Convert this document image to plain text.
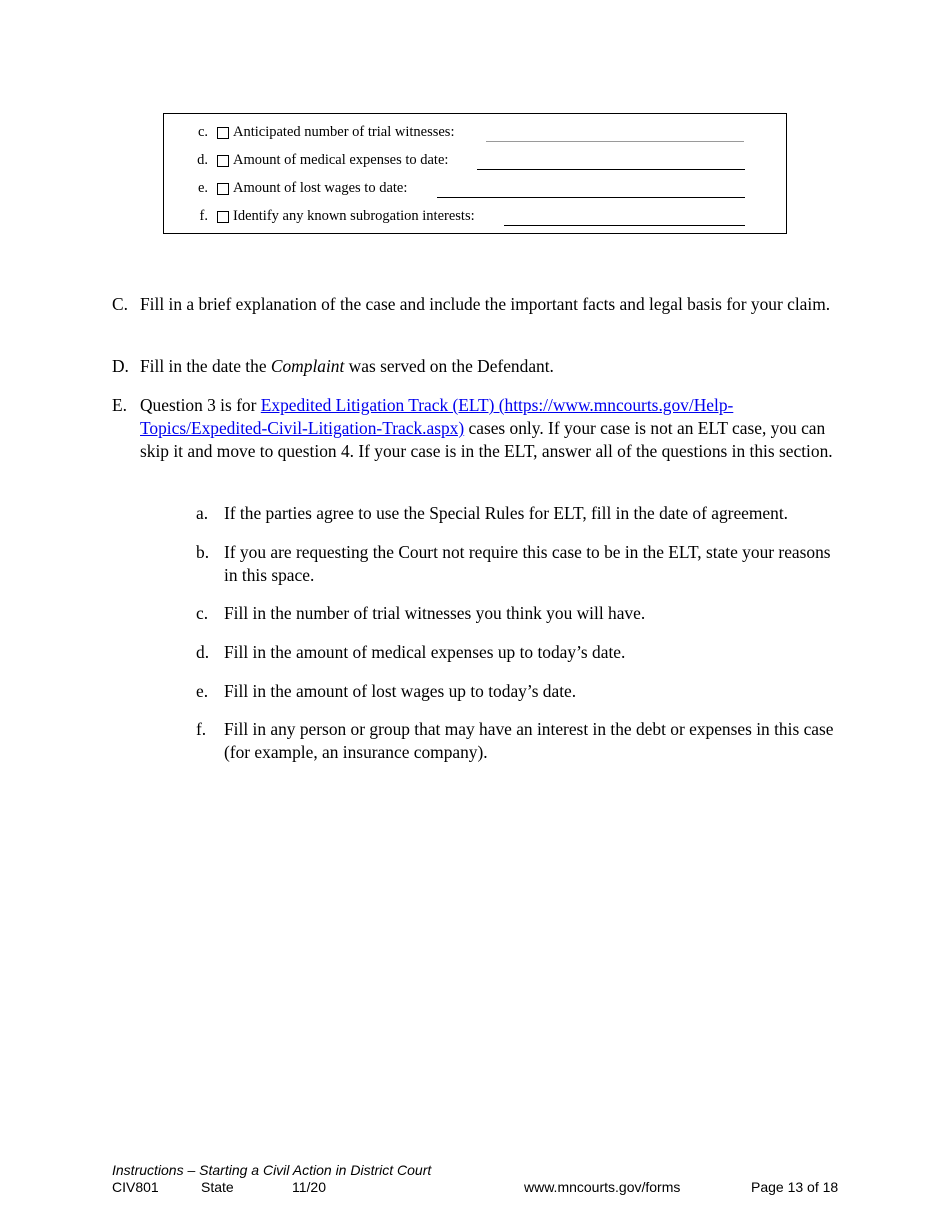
c. Anticipated number of trial witnesses:
d. Amount of medical expenses to date:
e. Amount of lost wages to date:
f. Identify any known subrogation interests:
C. Fill in a brief explanation of the case and include the important facts and legal basis for your claim.
D. Fill in the date the Complaint was served on the Defendant.
E. Question 3 is for Expedited Litigation Track (ELT) (https://www.mncourts.gov/Help-Topics/Expedited-Civil-Litigation-Track.aspx) cases only. If your case is not an ELT case, you can skip it and move to question 4. If your case is in the ELT, answer all of the questions in this section.
a. If the parties agree to use the Special Rules for ELT, fill in the date of agreement.
b. If you are requesting the Court not require this case to be in the ELT, state your reasons in this space.
c. Fill in the number of trial witnesses you think you will have.
d. Fill in the amount of medical expenses up to today’s date.
e. Fill in the amount of lost wages up to today’s date.
f. Fill in any person or group that may have an interest in the debt or expenses in this case (for example, an insurance company).
Instructions – Starting a Civil Action in District Court
CIV801	State	11/20	www.mncourts.gov/forms	Page 13 of 18
